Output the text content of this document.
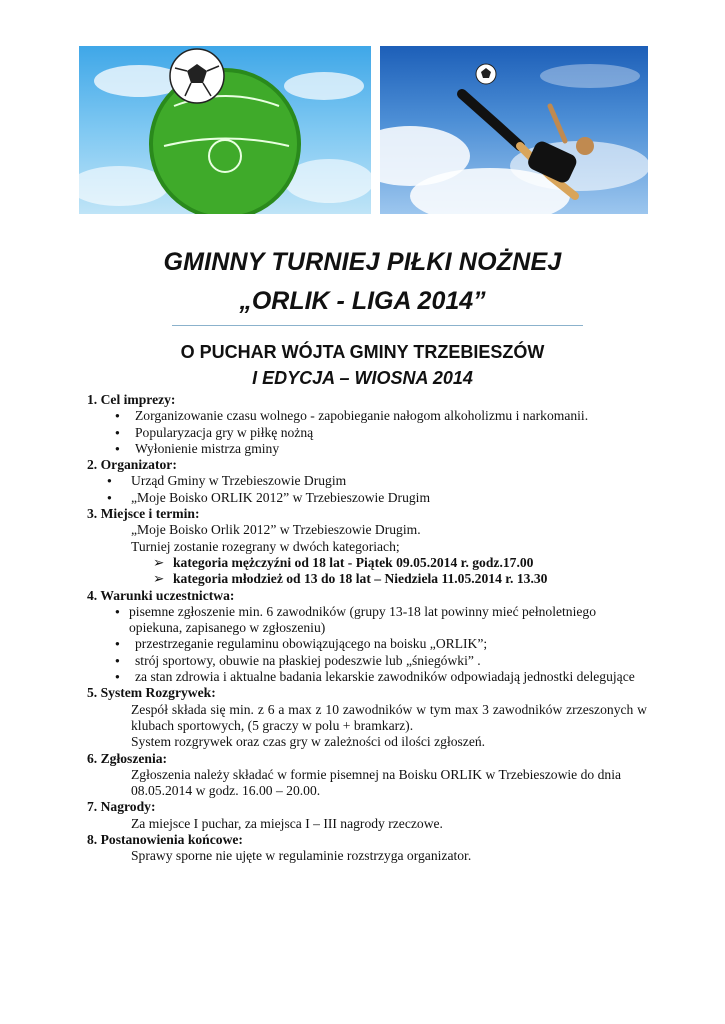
GMINNY TURNIEJ PIŁKI NOŻNEJ
„ORLIK - LIGA 2014”
O PUCHAR WÓJTA GMINY TRZEBIESZÓW
I EDYCJA – WIOSNA 2014
1. Cel imprezy:
● Zorganizowanie czasu wolnego - zapobieganie nałogom alkoholizmu i narkomanii.
● Popularyzacja gry w piłkę nożną
● Wyłonienie mistrza gminy
2. Organizator:
● Urząd Gminy w Trzebieszowie Drugim
● „Moje Boisko ORLIK 2012” w Trzebieszowie Drugim
3. Miejsce i termin:
„Moje Boisko Orlik 2012” w Trzebieszowie Drugim.
Turniej zostanie rozegrany w dwóch kategoriach;
➢ kategoria mężczyźni od 18 lat - Piątek 09.05.2014 r. godz.17.00
➢ kategoria młodzież od 13 do 18 lat – Niedziela 11.05.2014 r. 13.30
4. Warunki uczestnictwa:
● pisemne zgłoszenie min. 6 zawodników (grupy 13-18 lat powinny mieć pełnoletniego opiekuna, zapisanego w zgłoszeniu)
● przestrzeganie regulaminu obowiązującego na boisku „ORLIK”;
● strój sportowy, obuwie na płaskiej podeszwie lub „śniegówki” .
● za stan zdrowia i aktualne badania lekarskie zawodników odpowiadają jednostki delegujące
5. System Rozgrywek:
Zespół składa się min. z 6 a max z 10 zawodników w tym max 3 zawodników zrzeszonych w klubach sportowych, (5 graczy w polu + bramkarz).
System rozgrywek oraz czas gry w zależności od ilości zgłoszeń.
6. Zgłoszenia:
Zgłoszenia należy składać w formie pisemnej na Boisku ORLIK w Trzebieszowie do dnia 08.05.2014 w godz. 16.00 – 20.00.
7. Nagrody:
Za miejsce I puchar, za miejsca I – III nagrody rzeczowe.
8. Postanowienia końcowe:
Sprawy sporne nie ujęte w regulaminie rozstrzyga organizator.
